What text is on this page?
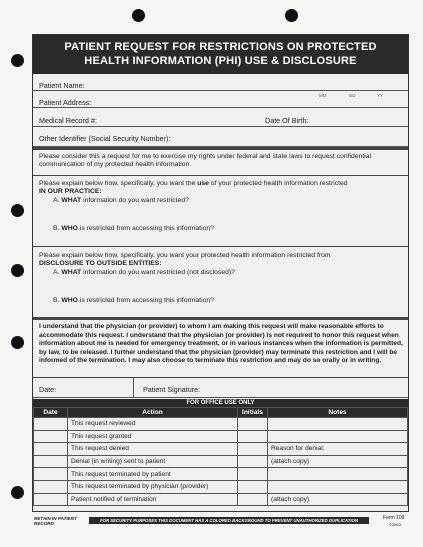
PATIENT REQUEST FOR RESTRICTIONS ON PROTECTED
HEALTH INFORMATION (PHI) USE & DISCLOSURE
Patient Name:
Patient Address:
MM	DD	YY
Medical Record #:	Date Of Birth:
Other Identifier (Social Security Number):
Please consider this a request for me to exercise my rights under federal and state laws to request confidential communication of my protected health information.
Please explain below how, specifically, you want the use of your protected health information restricted
IN OUR PRACTICE:
A. WHAT information do you want restricted?
B. WHO is restricted from accessing this information?
Please explain below how, specifically, you want your protected health information restricted from
DISCLOSURE TO OUTSIDE ENTITIES:
A. WHAT information do you want restricted (not disclosed)?
B. WHO is restricted from accessing this information?
I understand that the physician (or provider) to whom I am making this request will make reasonable efforts to accommodate this request. I understand that the physician (or provider) is not required to honor this request when information about me is needed for emergency treatment, or in various instances when the information is permitted, by law, to be released. I further understand that the physician (provider) may terminate this restriction and I will be informed of the termination. I may also choose to terminate this restriction and may do so orally or in writing.
Date:	Patient Signature:
FOR OFFICE USE ONLY
Date	Action	Initials	Notes
	This request reviewed		
	This request granted		
	This request denied		Reason for denial:
	Denial (in writing) sent to patient		(attach copy)
	This request terminated by patient		
	This request terminated by physician (provider)		
	Patient notified of termination		(attach copy)
RETAIN IN PATIENT
RECORD
FOR SECURITY PURPOSES THIS DOCUMENT HAS A COLORED BACKGROUND TO PREVENT UNAUTHORIZED DUPLICATION	Form 109
©2003
